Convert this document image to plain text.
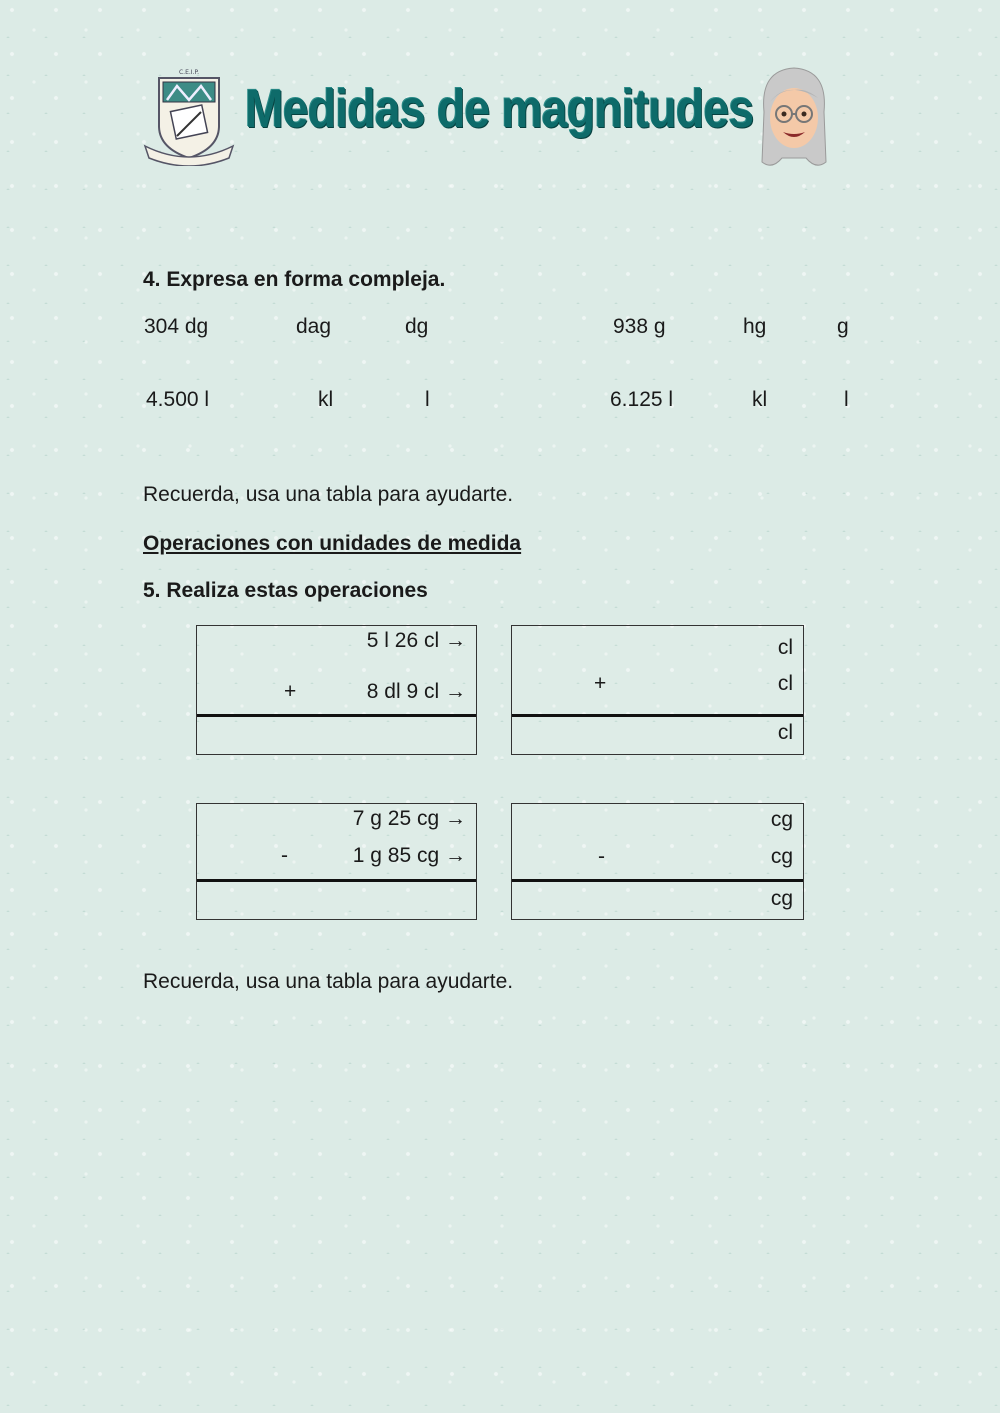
C.E.I.P.
Medidas de magnitudes
4. Expresa en forma compleja.
304 dg	dag	dg	938 g	hg	g
4.500 l	kl	l	6.125 l	kl	l
Recuerda, usa una tabla para ayudarte.
Operaciones con unidades de medida
5. Realiza estas operaciones
5 l 26 cl →
+	8 dl 9 cl →
cl
+	cl
cl
7 g 25 cg →
-	1 g 85 cg →
cg
-	cg
cg
Recuerda, usa una tabla para ayudarte.
